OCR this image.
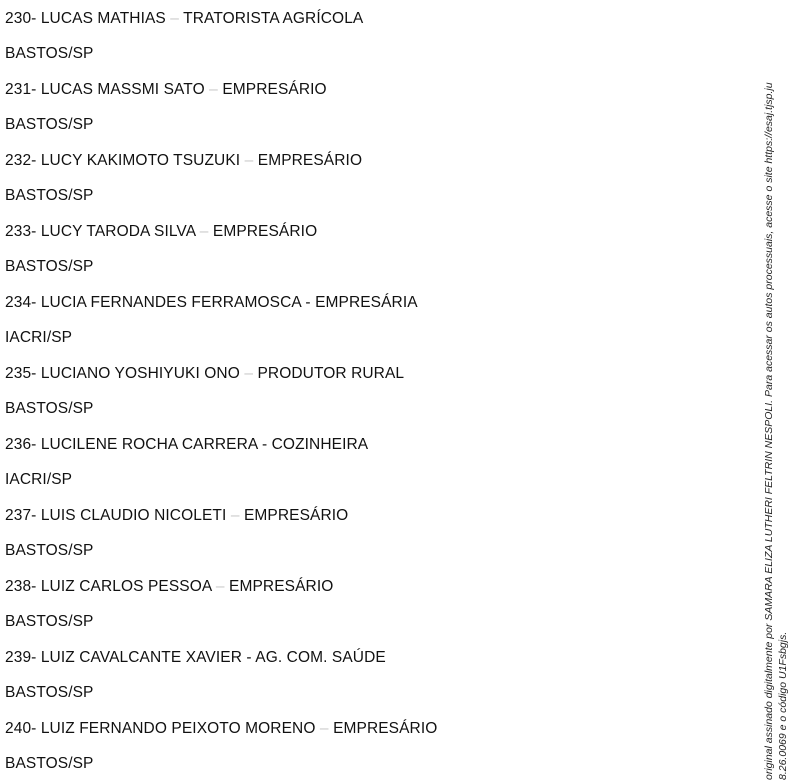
230- LUCAS MATHIAS – TRATORISTA AGRÍCOLA
BASTOS/SP
231- LUCAS MASSMI SATO – EMPRESÁRIO
BASTOS/SP
232- LUCY KAKIMOTO TSUZUKI – EMPRESÁRIO
BASTOS/SP
233- LUCY TARODA SILVA – EMPRESÁRIO
BASTOS/SP
234- LUCIA FERNANDES FERRAMOSCA - EMPRESÁRIA
IACRI/SP
235- LUCIANO YOSHIYUKI ONO – PRODUTOR RURAL
BASTOS/SP
236- LUCILENE ROCHA CARRERA - COZINHEIRA
IACRI/SP
237- LUIS CLAUDIO NICOLETI – EMPRESÁRIO
BASTOS/SP
238- LUIZ CARLOS PESSOA – EMPRESÁRIO
BASTOS/SP
239- LUIZ CAVALCANTE XAVIER - AG. COM. SAÚDE
BASTOS/SP
240- LUIZ FERNANDO PEIXOTO MORENO – EMPRESÁRIO
BASTOS/SP	original assinado digitalmente por SAMARA ELIZA LUTHERI FELTRIN NESPOLI. Para acessar os autos processuais, acesse o site https://esaj.tjsp.ju 8.26.0069 e o código U1Fsbgjs.
